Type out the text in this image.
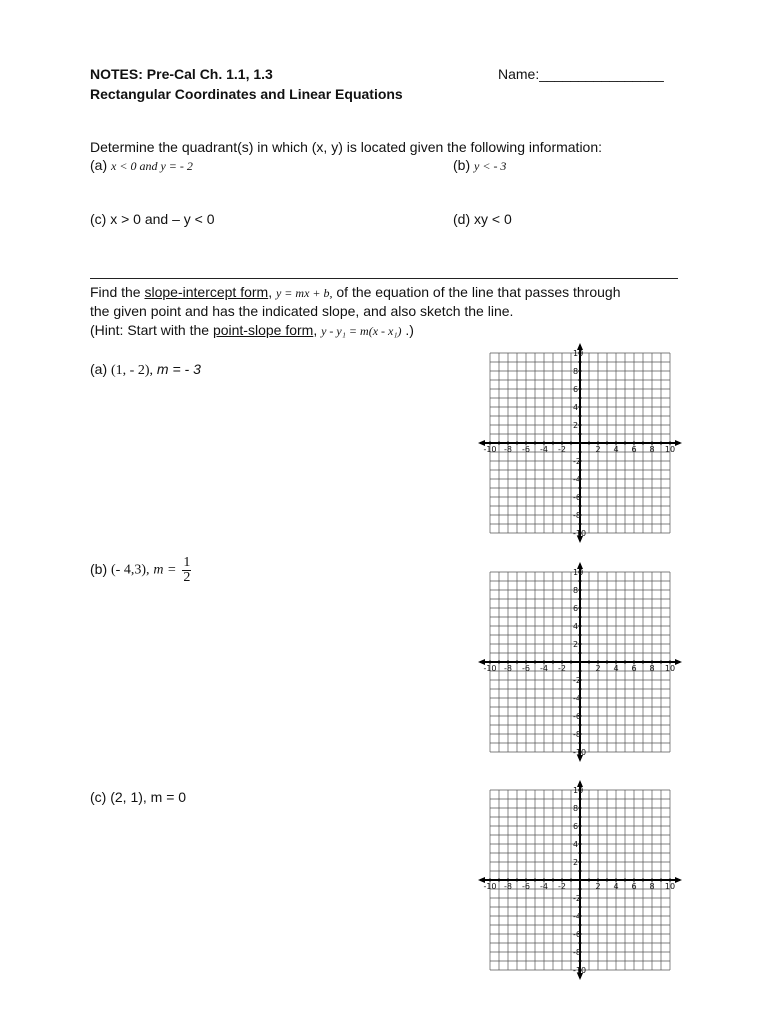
NOTES: Pre-Cal Ch. 1.1, 1.3
Rectangular Coordinates and Linear Equations
Name:________________
Determine the quadrant(s) in which (x, y) is located given the following information:
(a) x < 0 and y = - 2	(b) y < - 3
(c) x > 0 and – y < 0	(d) xy < 0
Find the slope-intercept form, y = mx + b, of the equation of the line that passes through
the given point and has the indicated slope, and also sketch the line.
(Hint: Start with the point-slope form, y - y₁ = m(x - x₁) .)
(a) (1, - 2), m = - 3
(b) (- 4,3), $m = \frac{1}{2}$
(c) (2, 1), m = 0
-10 -8 -6 -4 -2	2 4 6 8 10
10
8
6
4
2
-2
-4
-6
-8
-10
-10 -8 -6 -4 -2	2 4 6 8 10
10
8
6
4
2
-2
-4
-6
-8
-10
-10 -8 -6 -4 -2	2 4 6 8 10
10
8
6
4
2
-2
-4
-6
-8
-10
